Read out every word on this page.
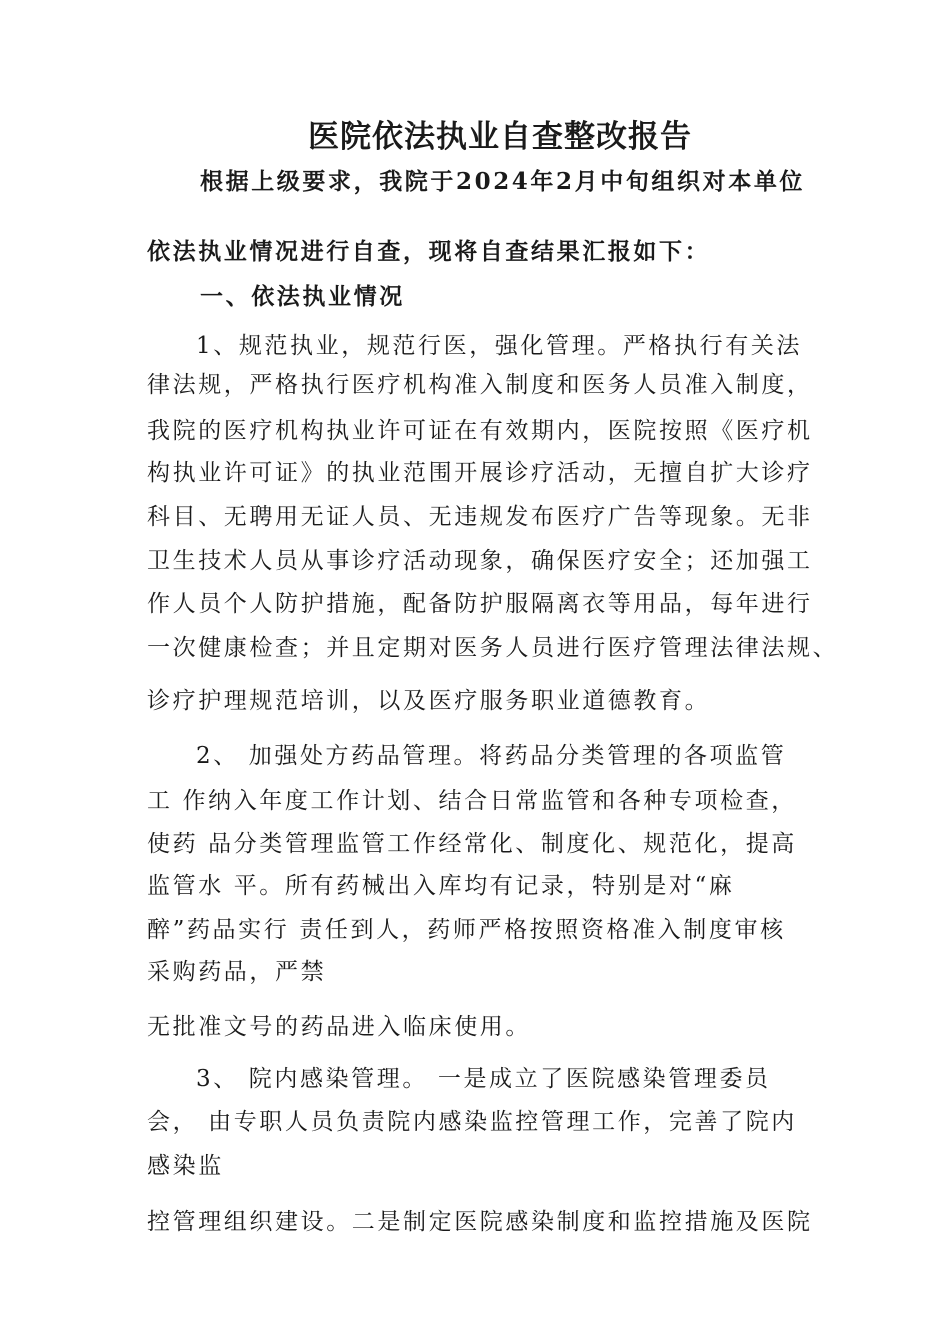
医院依法执业自查整改报告
根据上级要求，我院于2024年2月中旬组织对本单位
依法执业情况进行自查，现将自查结果汇报如下：
一、依法执业情况
1、规范执业，规范行医，强化管理。严格执行有关法
律法规，严格执行医疗机构准入制度和医务人员准入制度，
我院的医疗机构执业许可证在有效期内，医院按照《医疗机
构执业许可证》的执业范围开展诊疗活动，无擅自扩大诊疗
科目、无聘用无证人员、无违规发布医疗广告等现象。无非
卫生技术人员从事诊疗活动现象，确保医疗安全；还加强工
作人员个人防护措施，配备防护服隔离衣等用品，每年进行
一次健康检查；并且定期对医务人员进行医疗管理法律法规、
诊疗护理规范培训，以及医疗服务职业道德教育。
2、 加强处方药品管理。将药品分类管理的各项监管
工 作纳入年度工作计划、结合日常监管和各种专项检查，
使药 品分类管理监管工作经常化、制度化、规范化，提高
监管水 平。所有药械出入库均有记录，特别是对“麻
醉”药品实行 责任到人，药师严格按照资格准入制度审核
采购药品，严禁
无批准文号的药品进入临床使用。
3、 院内感染管理。 一是成立了医院感染管理委员
会， 由专职人员负责院内感染监控管理工作，完善了院内
感染监
控管理组织建设。二是制定医院感染制度和监控措施及医院
